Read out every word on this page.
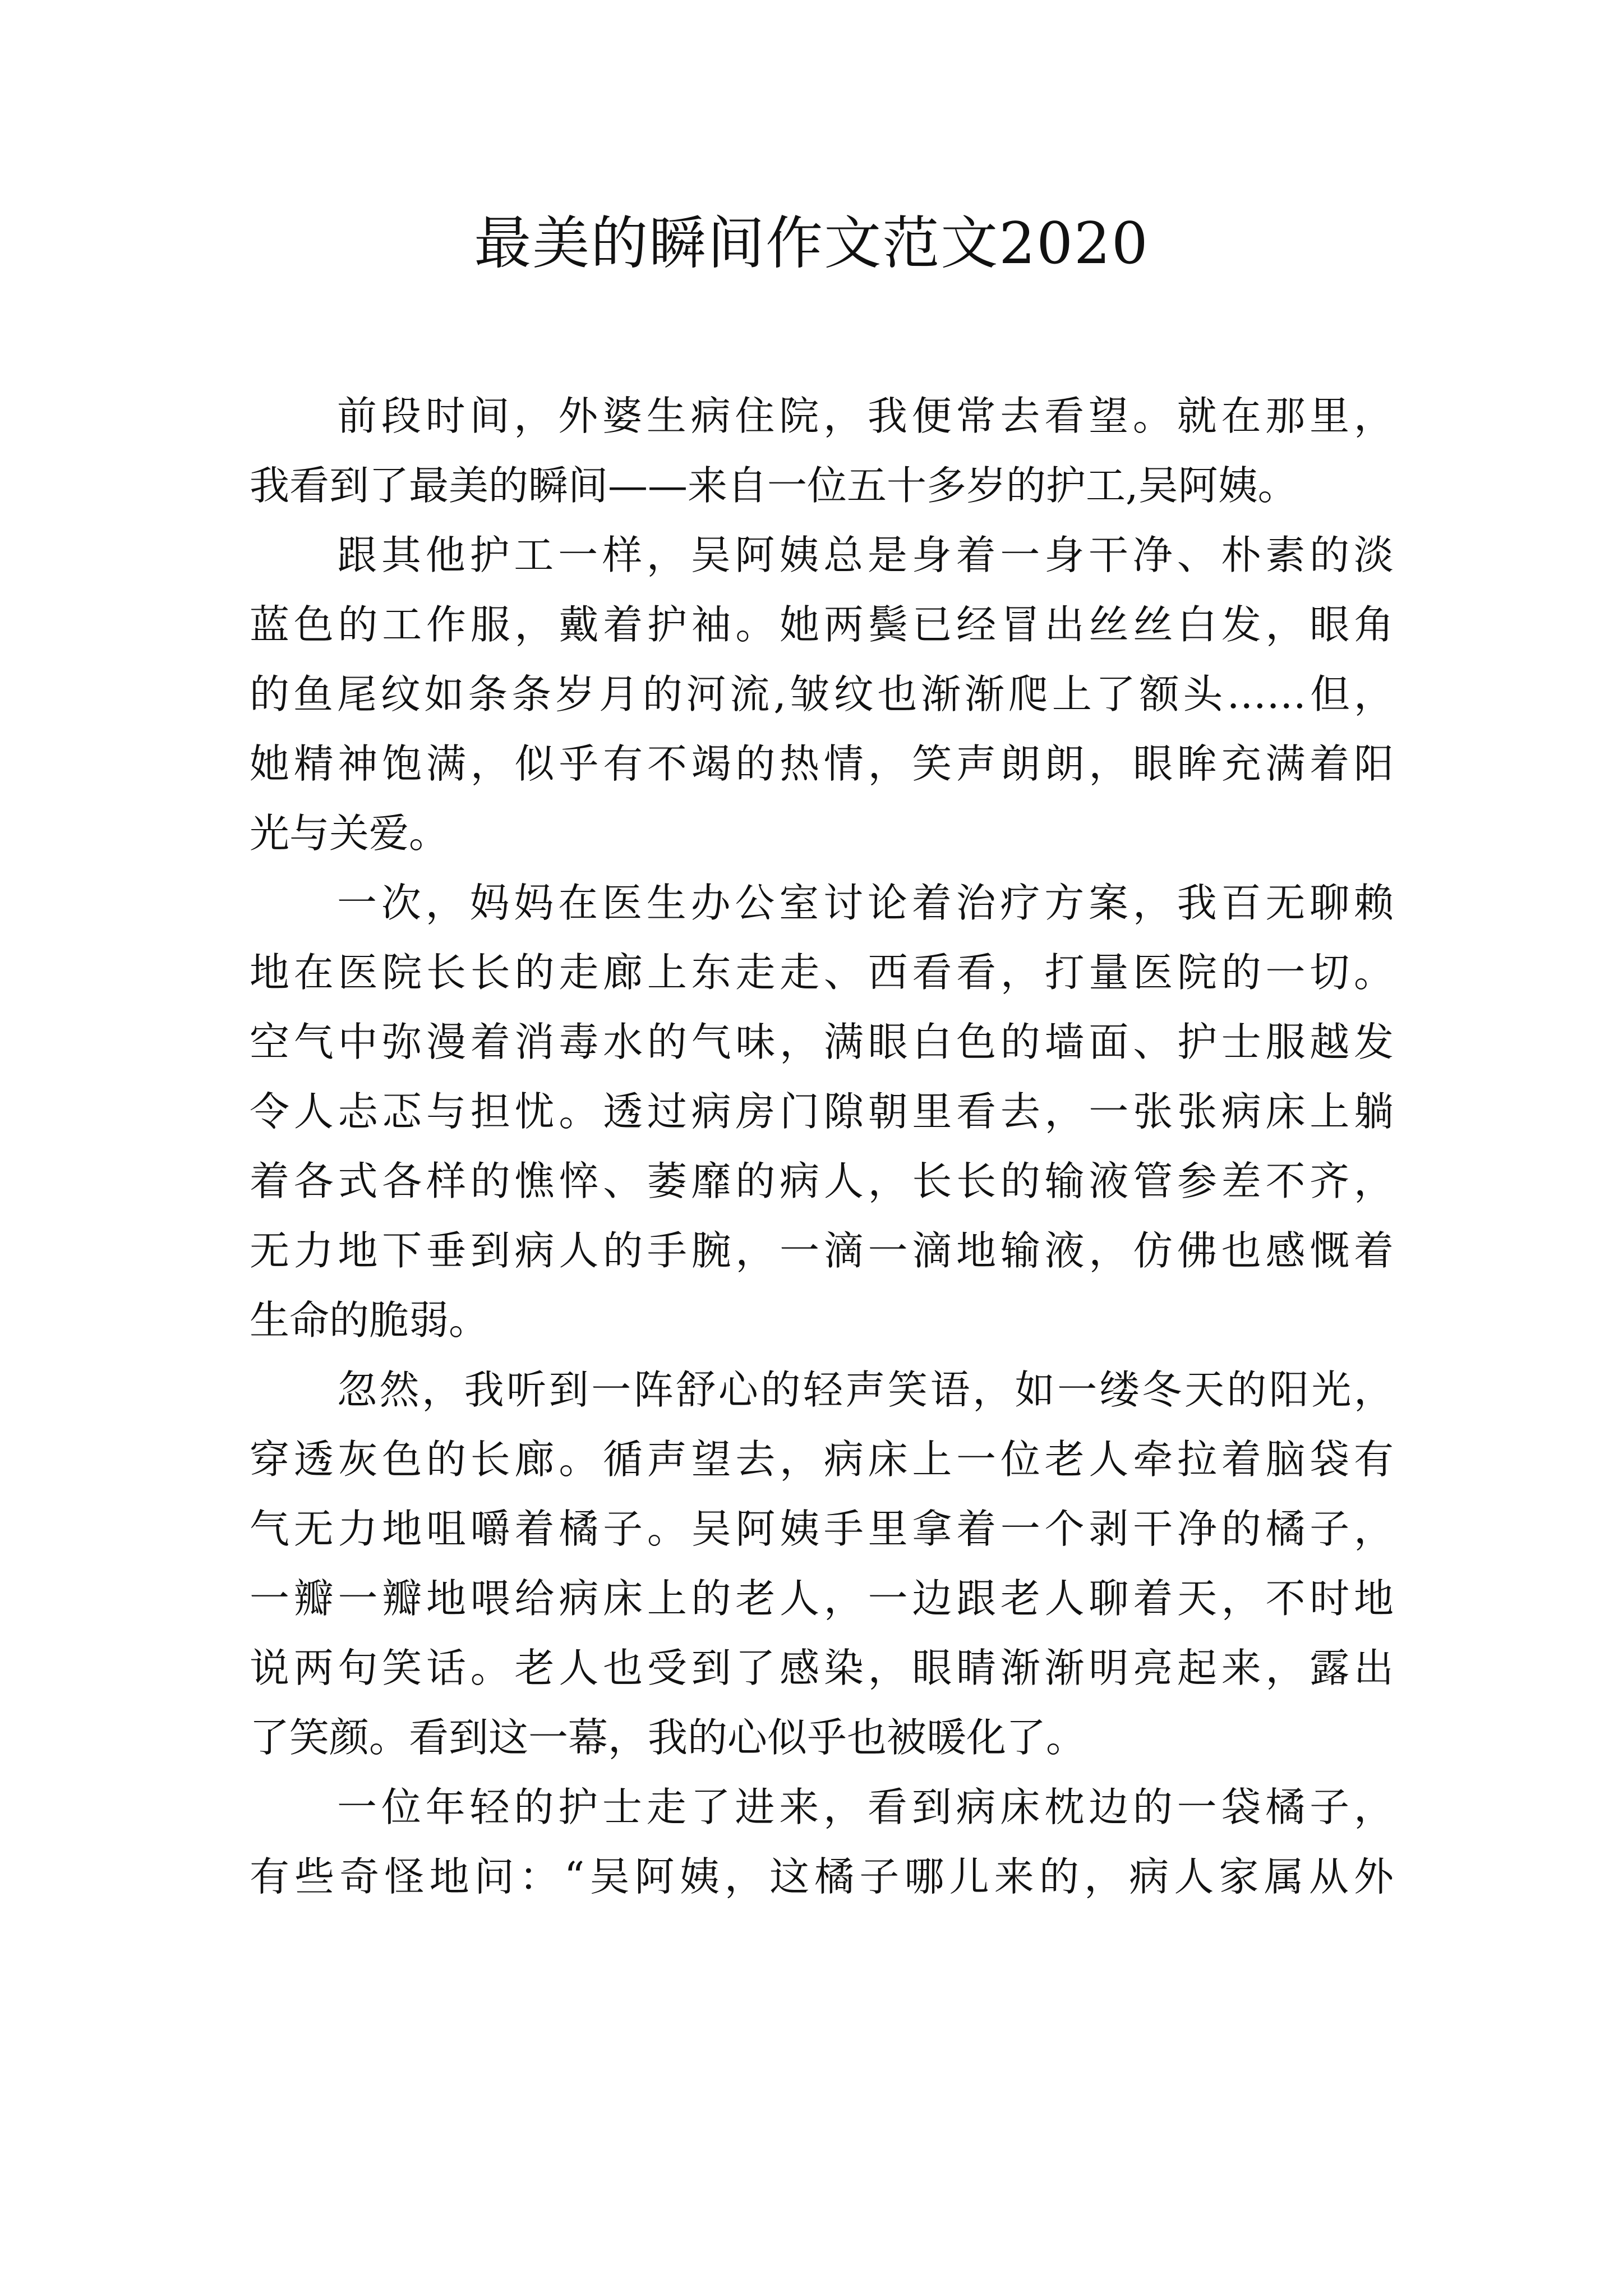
最美的瞬间作文范文2020
前段时间，外婆生病住院，我便常去看望。就在那里，
我看到了最美的瞬间——来自一位五十多岁的护工,吴阿姨。
跟其他护工一样，吴阿姨总是身着一身干净、朴素的淡
蓝色的工作服，戴着护袖。她两鬓已经冒出丝丝白发，眼角
的鱼尾纹如条条岁月的河流,皱纹也渐渐爬上了额头……但，
她精神饱满，似乎有不竭的热情，笑声朗朗，眼眸充满着阳
光与关爱。
一次，妈妈在医生办公室讨论着治疗方案，我百无聊赖
地在医院长长的走廊上东走走、西看看，打量医院的一切。
空气中弥漫着消毒水的气味，满眼白色的墙面、护士服越发
令人忐忑与担忧。透过病房门隙朝里看去，一张张病床上躺
着各式各样的憔悴、萎靡的病人，长长的输液管参差不齐，
无力地下垂到病人的手腕，一滴一滴地输液，仿佛也感慨着
生命的脆弱。
忽然，我听到一阵舒心的轻声笑语，如一缕冬天的阳光，
穿透灰色的长廊。循声望去，病床上一位老人牵拉着脑袋有
气无力地咀嚼着橘子。吴阿姨手里拿着一个剥干净的橘子，
一瓣一瓣地喂给病床上的老人，一边跟老人聊着天，不时地
说两句笑话。老人也受到了感染，眼睛渐渐明亮起来，露出
了笑颜。看到这一幕，我的心似乎也被暖化了。
一位年轻的护士走了进来，看到病床枕边的一袋橘子，
有些奇怪地问：“吴阿姨，这橘子哪儿来的，病人家属从外
